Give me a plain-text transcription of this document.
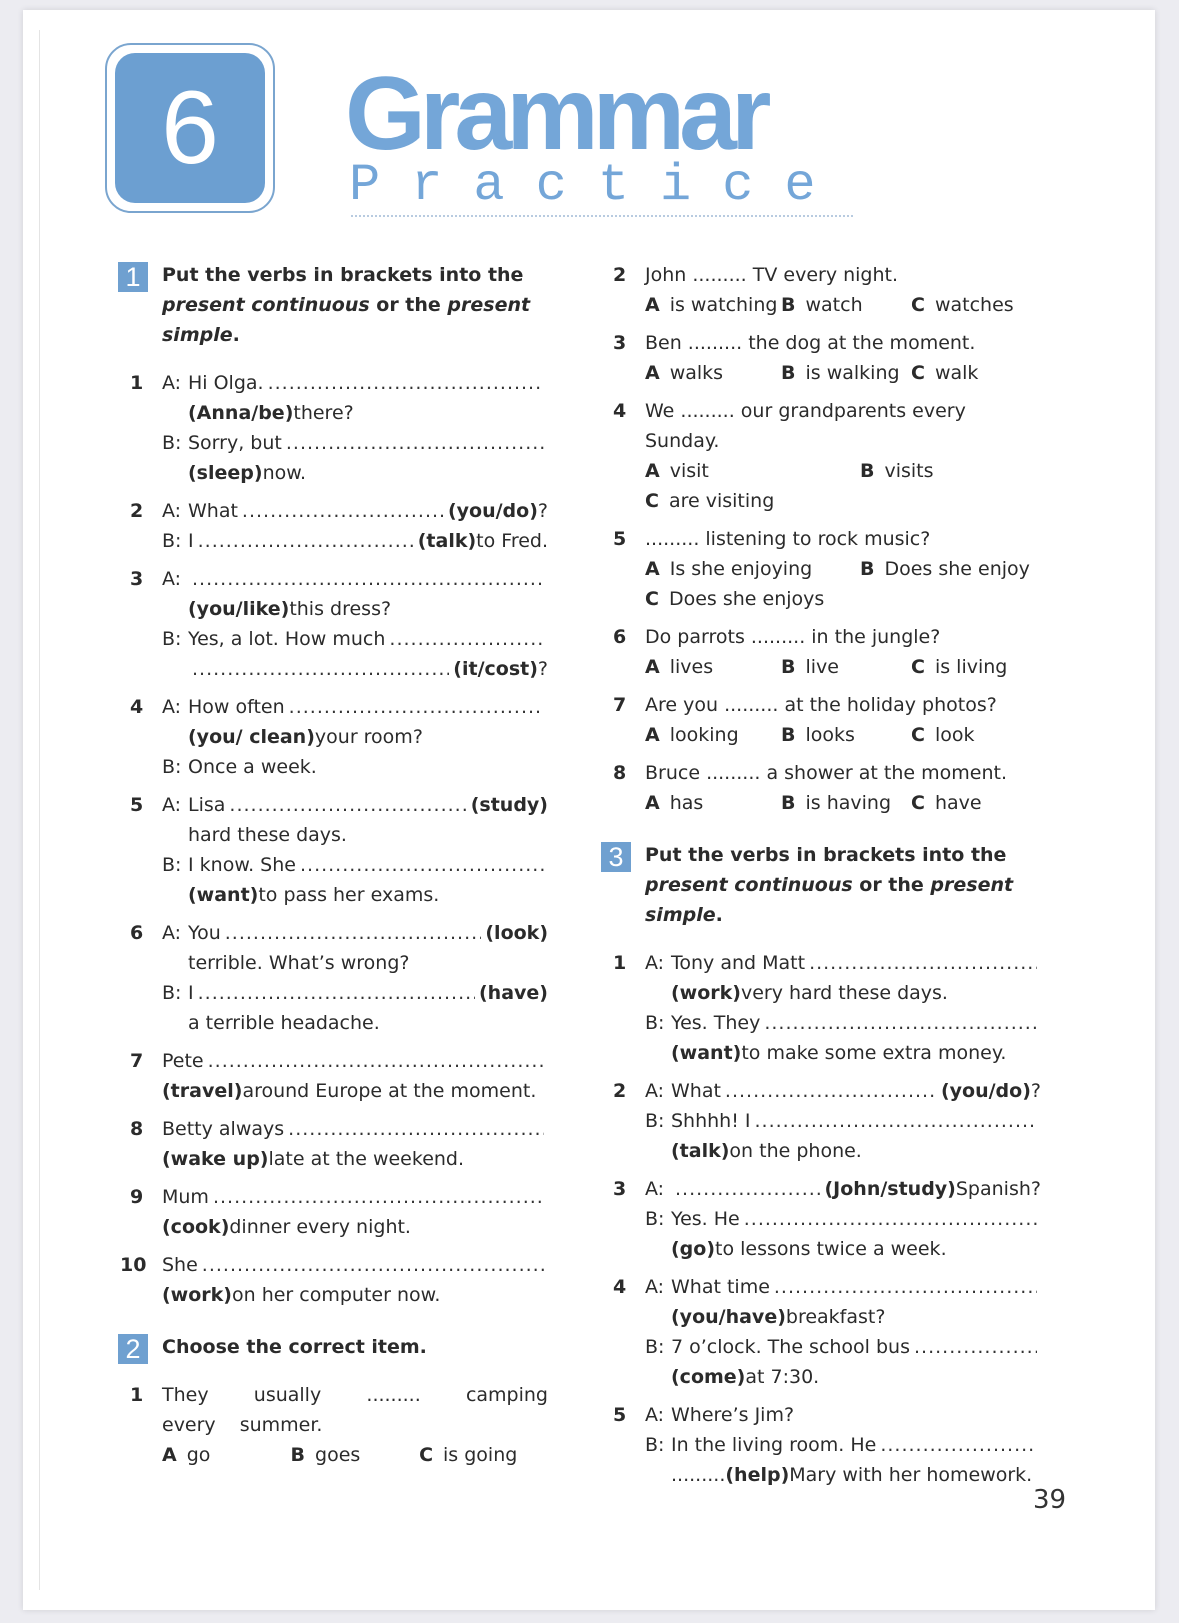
6	Grammar
Practice
1	Put the verbs in brackets into the present continuous or the present simple.
1 A: Hi Olga.
.....
(Anna/be) there?
B: Sorry, but
.....
(sleep) now.
2 A: What .....	(you/do) ?
B: I .....	(talk) to Fred.
3 A:
.....
(you/like) this dress?
B: Yes, a lot. How much
.....
.....
(it/cost) ?
4 A: How often
.....
(you/ clean) your room?
B: Once a week.
5 A: Lisa .....	(study)
hard these days.
B: I know. She
.....
(want) to pass her exams.
6 A: You .....	(look)
terrible. What’s wrong?
B: I .....	(have)
a terrible headache.
7 Pete
.....
(travel) around Europe at the moment.
8 Betty always
.....
(wake up) late at the weekend.
9 Mum
.....
(cook) dinner every night.
10 She
.....
(work) on her computer now.
2	Choose the correct item.
1 They usually ......... camping every summer.
A go	B goes	C is going
2 John ......... TV every night.
A is watching B watch	C watches
3 Ben ......... the dog at the moment.
A walks	B is walking C walk
4 We ......... our grandparents every Sunday.
A visit	B visits
C are visiting
5 ......... listening to rock music?
A Is she enjoying	B Does she enjoy
C Does she enjoys
6 Do parrots ......... in the jungle?
A lives	B live	C is living
7 Are you ......... at the holiday photos?
A looking	B looks	C look
8 Bruce ......... a shower at the moment.
A has	B is having	C have
3	Put the verbs in brackets into the present continuous or the present simple.
1 A: Tony and Matt
.....
(work) very hard these days.
B: Yes. They
.....
(want) to make some extra money.
2 A: What .....	(you/do) ?
B: Shhhh! I
.....
(talk) on the phone.
3 A: .....	(John/study) Spanish?
B: Yes. He
.....
(go) to lessons twice a week.
4 A: What time
.....
(you/have) breakfast?
B: 7 o’clock. The school bus
.....
(come) at 7:30.
5 A: Where’s Jim?
B: In the living room. He
.....
......... (help) Mary with her homework.
39
